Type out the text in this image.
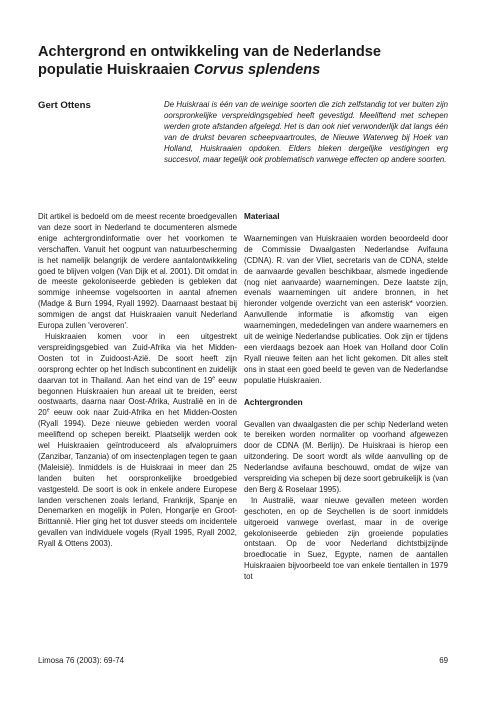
Achtergrond en ontwikkeling van de Nederlandse populatie Huiskraaien Corvus splendens
Gert Ottens	De Huiskraai is één van de weinige soorten die zich zelfstandig tot ver buiten zijn oorspronkelijke verspreidingsgebied heeft gevestigd. Meeliftend met schepen werden grote afstanden afgelegd. Het is dan ook niet verwonderlijk dat langs één van de drukst bevaren scheepvaartroutes, de Nieuwe Waterweg bij Hoek van Holland, Huiskraaien opdoken. Elders bleken dergelijke vestigingen erg succesvol, maar tegelijk ook problematisch vanwege effecten op andere soorten.

Dit artikel is bedoeld om de meest recente broedgevallen van deze soort in Nederland te documenteren alsmede enige achtergrondinformatie over het voorkomen te verschaffen. Vanuit het oogpunt van natuurbescherming is het namelijk belangrijk de verdere aantalontwikkeling goed te blijven volgen (Van Dijk et al. 2001). Dit omdat in de meeste gekoloniseerde gebieden is gebleken dat sommige inheemse vogelsoorten in aantal afnemen (Madge & Burn 1994, Ryall 1992). Daarnaast bestaat bij sommigen de angst dat Huiskraaien vanuit Nederland Europa zullen 'veroveren'.

Huiskraaien komen voor in een uitgestrekt verspreidingsgebied van Zuid-Afrika via het Midden-Oosten tot in Zuidoost-Azië. De soort heeft zijn oorsprong echter op het Indisch subcontinent en zuidelijk daarvan tot in Thailand. Aan het eind van de 19e eeuw begonnen Huiskraaien hun areaal uit te breiden, eerst oostwaarts, daarna naar Oost-Afrika, Australië en in de 20e eeuw ook naar Zuid-Afrika en het Midden-Oosten (Ryall 1994). Deze nieuwe gebieden werden vooral meeliftend op schepen bereikt. Plaatselijk werden ook wel Huiskraaien geïntroduceerd als afvalopruimers (Zanzibar, Tanzania) of om insectenplagen tegen te gaan (Maleisië). Inmiddels is de Huiskraai in meer dan 25 landen buiten het oorspronkelijke broedgebied vastgesteld. De soort is ook in enkele andere Europese landen verschenen zoals Ierland, Frankrijk, Spanje en Denemarken en mogelijk in Polen, Hongarije en Groot-Brittannië. Hier ging het tot dusver steeds om incidentele gevallen van individuele vogels (Ryall 1995, Ryall 2002, Ryall & Ottens 2003).

Materiaal

Waarnemingen van Huiskraaien worden beoordeeld door de Commissie Dwaalgasten Nederlandse Avifauna (CDNA). R. van der Vliet, secretaris van de CDNA, stelde de aanvaarde gevallen beschikbaar, alsmede ingediende (nog niet aanvaarde) waarnemingen. Deze laatste zijn, evenals waarnemingen uit andere bronnen, in het hieronder volgende overzicht van een asterisk* voorzien. Aanvullende informatie is afkomstig van eigen waarnemingen, mededelingen van andere waarnemers en uit de weinige Nederlandse publicaties. Ook zijn er tijdens een vierdaags bezoek aan Hoek van Holland door Colin Ryall nieuwe feiten aan het licht gekomen. Dit alles stelt ons in staat een goed beeld te geven van de Nederlandse populatie Huiskraaien.

Achtergronden

Gevallen van dwaalgasten die per schip Nederland weten te bereiken worden normaliter op voorhand afgewezen door de CDNA (M. Berlijn). De Huiskraai is hierop een uitzondering. De soort wordt als wilde aanvulling op de Nederlandse avifauna beschouwd, omdat de wijze van verspreiding via schepen bij deze soort gebruikelijk is (van den Berg & Roselaar 1995).

In Australië, waar nieuwe gevallen meteen worden geschoten, en op de Seychellen is de soort inmiddels uitgeroeid vanwege overlast, maar in de overige gekoloniseerde gebieden zijn groeiende populaties ontstaan. Op de voor Nederland dichtstbijzijnde broedlocatie in Suez, Egypte, namen de aantallen Huiskraaien bijvoorbeeld toe van enkele tientallen in 1979 tot

Limosa 76 (2003): 69-74	69
